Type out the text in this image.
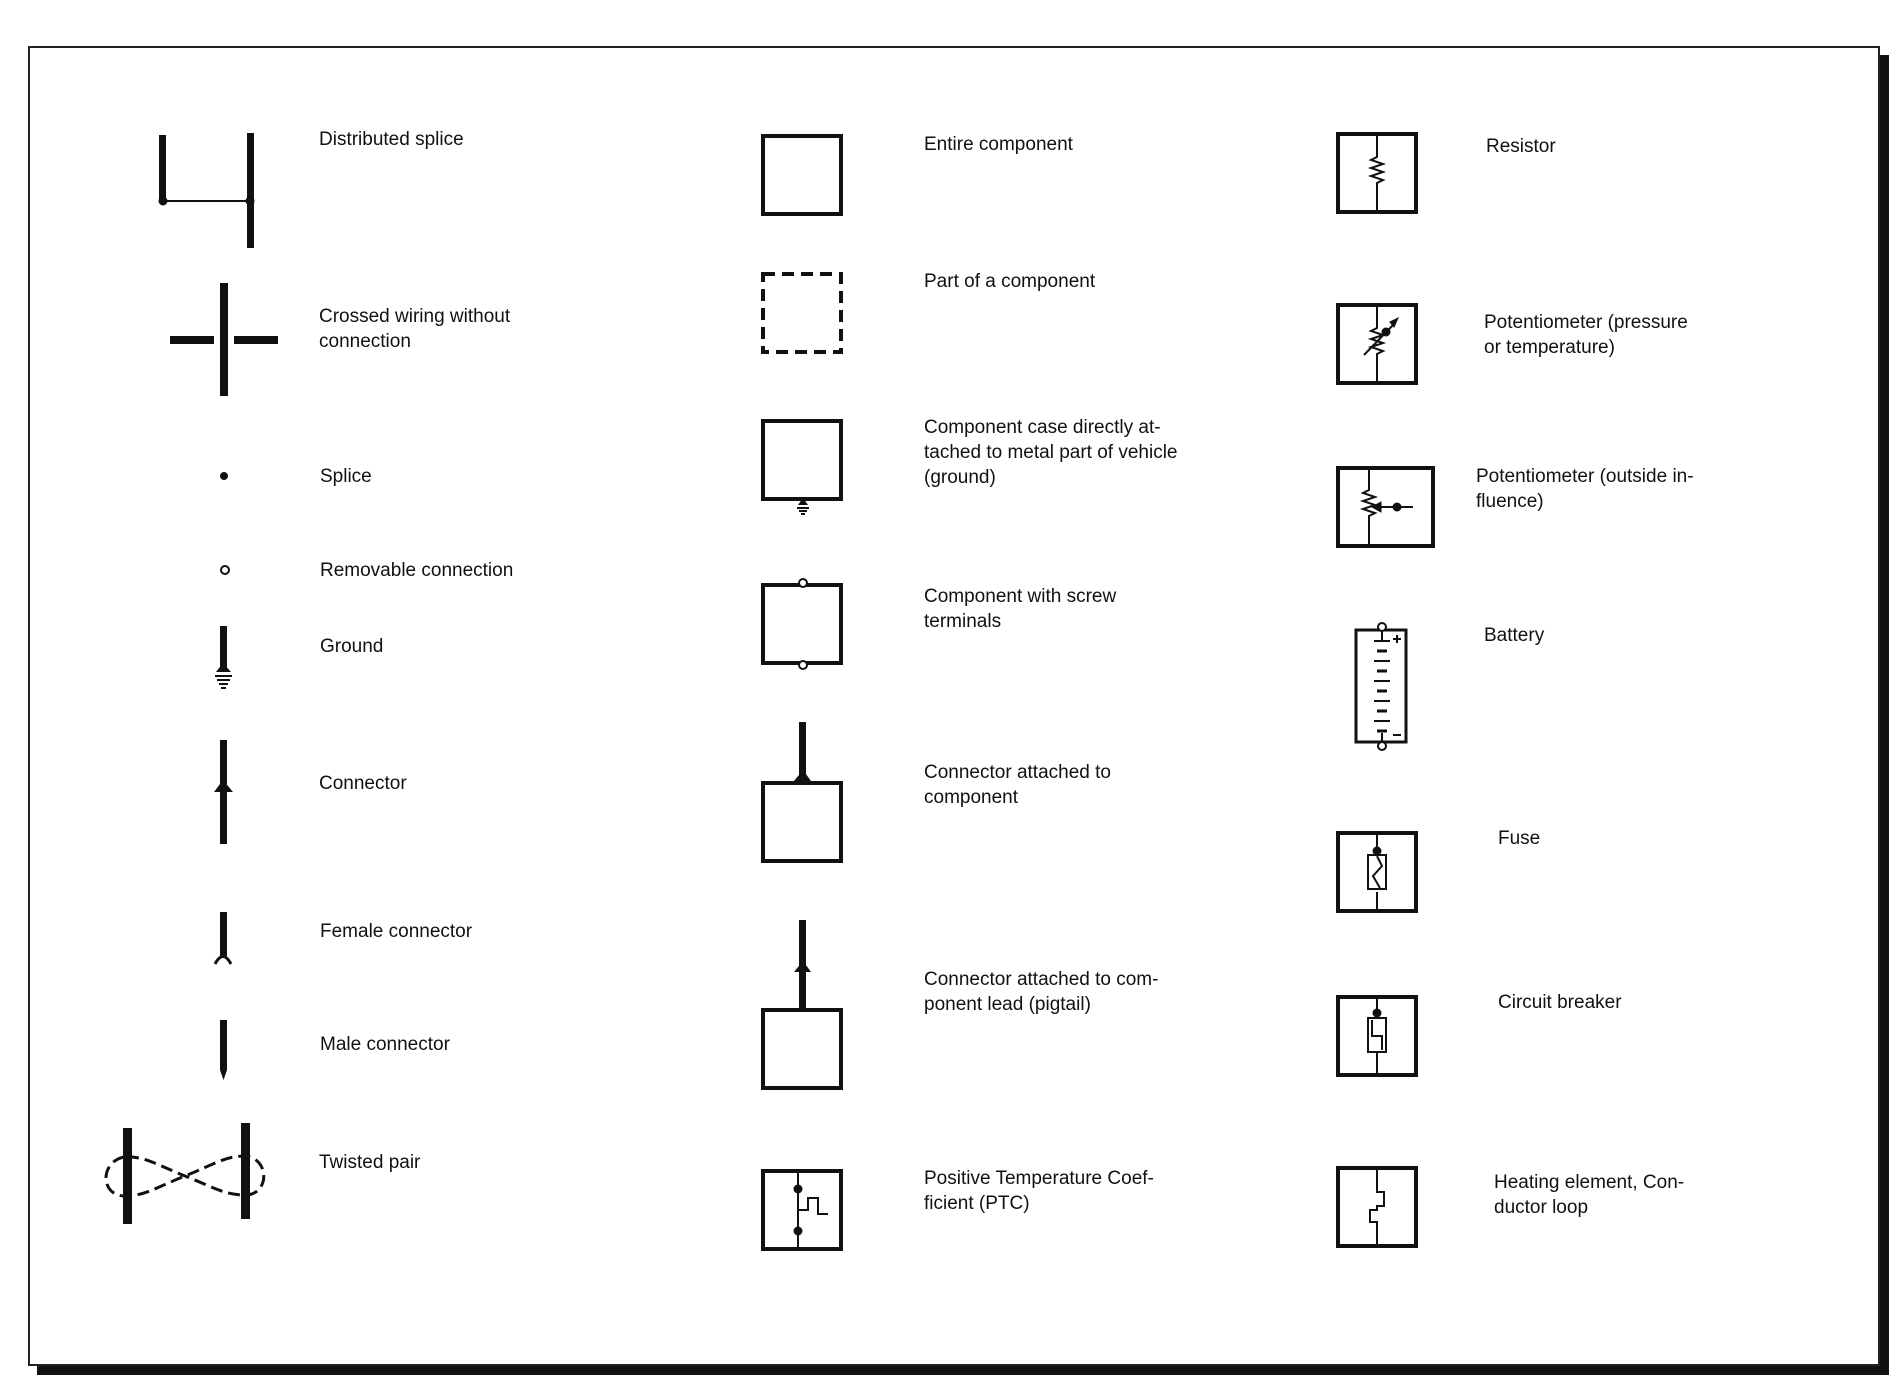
Distributed splice
Crossed wiring without
connection
Splice
Removable connection
Ground
Connector
Female connector
Male connector
Twisted pair
Entire component
Part of a component
Component case directly at-
tached to metal part of vehicle
(ground)
Component with screw
terminals
Connector attached to
component
Connector attached to com-
ponent lead (pigtail)
Positive Temperature Coef-
ficient (PTC)
Resistor
Potentiometer (pressure
or temperature)
Potentiometer (outside in-
fluence)
Battery
Fuse
Circuit breaker
Heating element, Con-
ductor loop
